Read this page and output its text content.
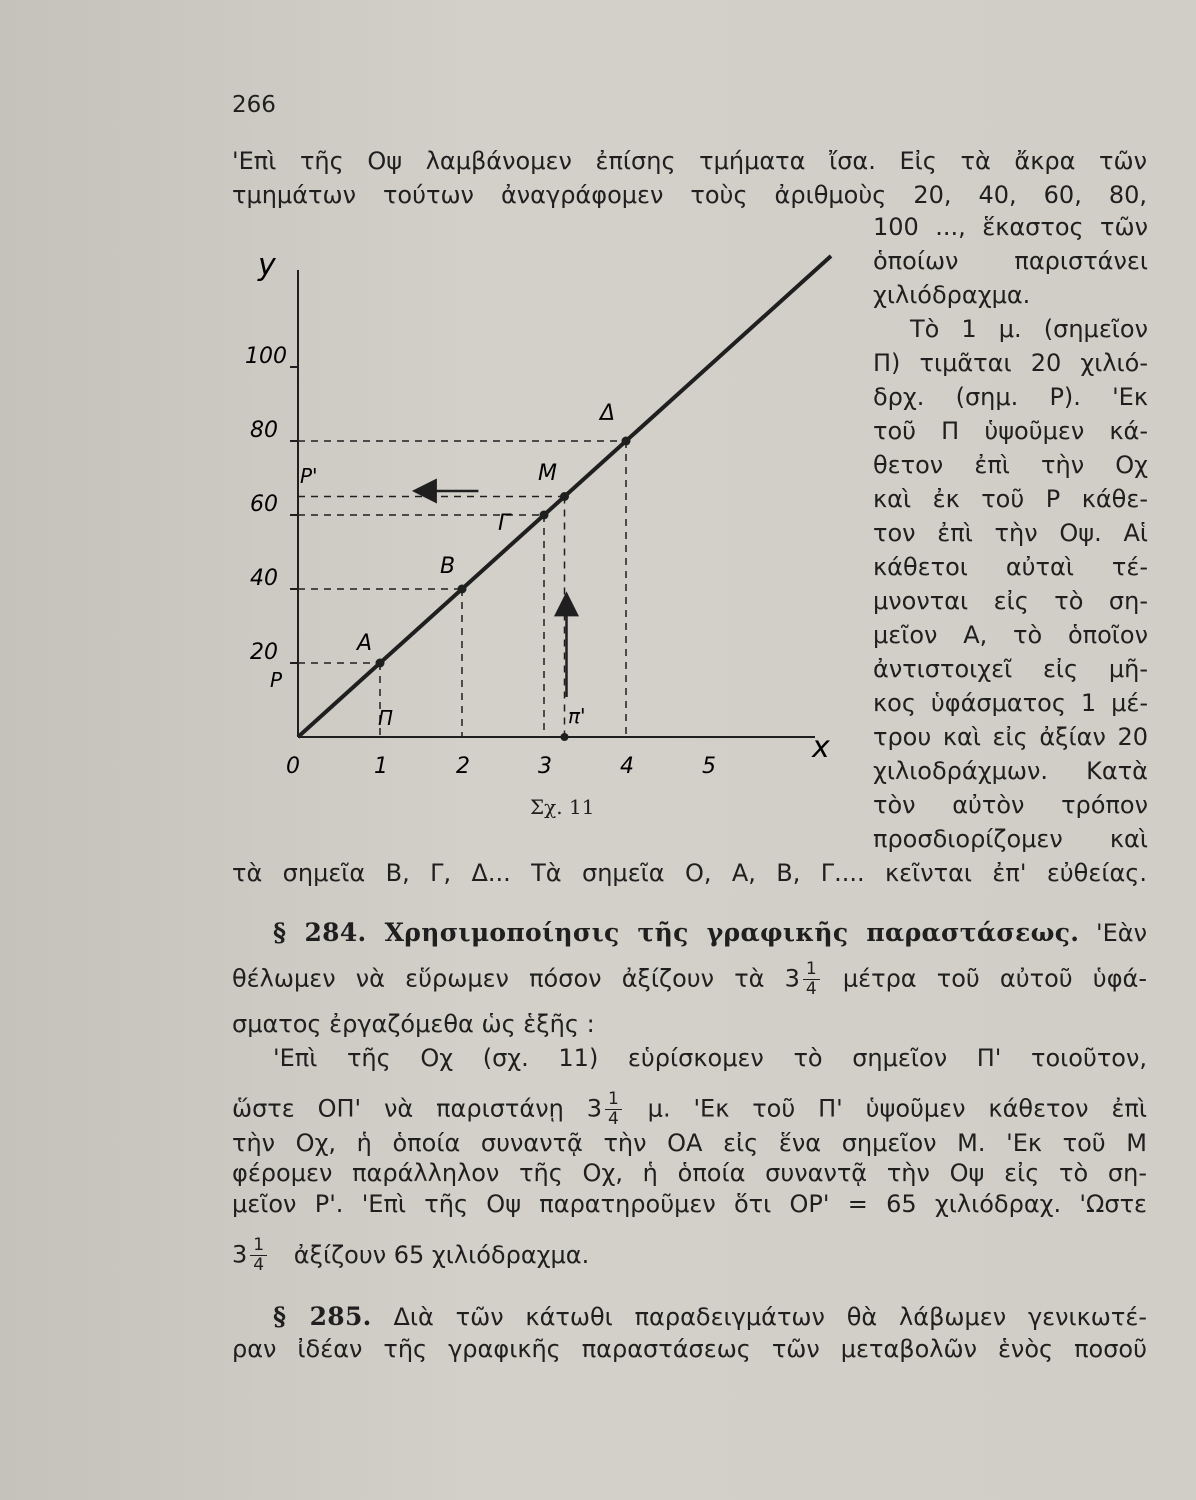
266
'Επὶ τῆς Οψ λαμβάνομεν ἐπίσης τμήματα ἴσα. Εἰς τὰ ἄκρα τῶν
τμημάτων τούτων ἀναγράφομεν τοὺς ἀριθμοὺς 20, 40, 60, 80,
100 ..., ἕκαστος τῶν
ὁποίων παριστάνει
χιλιόδραχμα.
Τὸ 1 μ. (σημεῖον
Π) τιμᾶται 20 χιλιό-
δρχ. (σημ. Ρ). 'Εκ
τοῦ Π ὑψοῦμεν κά-
θετον ἐπὶ τὴν Οχ
καὶ ἐκ τοῦ Ρ κάθε-
τον ἐπὶ τὴν Οψ. Αἱ
κάθετοι αὐταὶ τέ-
μνονται εἰς τὸ ση-
μεῖον Α, τὸ ὁποῖον
ἀντιστοιχεῖ εἰς μῆ-
κος ὑφάσματος 1 μέ-
τρου καὶ εἰς ἀξίαν 20
χιλιοδράχμων. Κατὰ
τὸν αὐτὸν τρόπον
προσδιορίζομεν καὶ
y
x
100
80
60
40
20
0	1	2	3	4	5
A
B
Γ
Δ
M
P
P'
Π	π'
Σχ. 11
τὰ σημεῖα Β, Γ, Δ... Τὰ σημεῖα Ο, Α, Β, Γ.... κεῖνται ἐπ' εὐθείας.
§ 284. Χρησιμοποίησις τῆς γραφικῆς παραστάσεως. 'Εὰν
θέλωμεν νὰ εὕρωμεν πόσον ἀξίζουν τὰ $3 \frac{1}{4}$ μέτρα τοῦ αὐτοῦ ὑφά-
σματος ἐργαζόμεθα ὡς ἑξῆς :
'Επὶ τῆς Οχ (σχ. 11) εὑρίσκομεν τὸ σημεῖον Π' τοιοῦτον,
ὥστε ΟΠ' νὰ παριστάνῃ $3 \frac{1}{4} \mu$. 'Εκ τοῦ Π' ὑψοῦμεν κάθετον ἐπὶ
τὴν Οχ, ἡ ὁποία συναντᾷ τὴν ΟΑ εἰς ἕνα σημεῖον Μ. 'Εκ τοῦ Μ
φέρομεν παράλληλον τῆς Οχ, ἡ ὁποία συναντᾷ τὴν Οψ εἰς τὸ ση-
μεῖον Ρ'. 'Επὶ τῆς Οψ παρατηροῦμεν ὅτι ΟΡ' = 65 χιλιόδραχ. 'Ωστε
$3 \frac{1}{4}$ ἀξίζουν 65 χιλιόδραχμα.
§ 285. Διὰ τῶν κάτωθι παραδειγμάτων θὰ λάβωμεν γενικωτέ-
ραν ἰδέαν τῆς γραφικῆς παραστάσεως τῶν μεταβολῶν ἑνὸς ποσοῦ
